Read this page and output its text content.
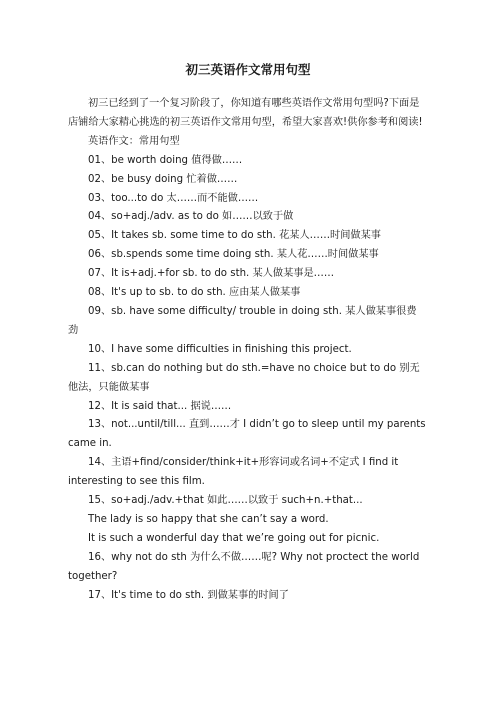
初三英语作文常用句型

初三已经到了一个复习阶段了，你知道有哪些英语作文常用句型吗?下面是店铺给大家精心挑选的初三英语作文常用句型，希望大家喜欢!供你参考和阅读!

英语作文：常用句型

01、be worth doing 值得做……

02、be busy doing 忙着做……

03、too...to do 太……而不能做……

04、so+adj./adv. as to do 如……以致于做

05、It takes sb. some time to do sth. 花某人……时间做某事

06、sb.spends some time doing sth. 某人花……时间做某事

07、It is+adj.+for sb. to do sth. 某人做某事是……

08、It's up to sb. to do sth. 应由某人做某事

09、sb. have some difficulty/ trouble in doing sth. 某人做某事很费劲

10、I have some difficulties in finishing this project.

11、sb.can do nothing but do sth.=have no choice but to do 别无他法，只能做某事

12、It is said that... 据说……

13、not...until/till... 直到……才 I didn’t go to sleep until my parents came in.

14、主语+find/consider/think+it+形容词或名词+不定式 I find it interesting to see this film.

15、so+adj./adv.+that 如此……以致于 such+n.+that...

The lady is so happy that she can’t say a word.

It is such a wonderful day that we’re going out for picnic.

16、why not do sth 为什么不做……呢? Why not proctect the world together?

17、It's time to do sth. 到做某事的时间了
